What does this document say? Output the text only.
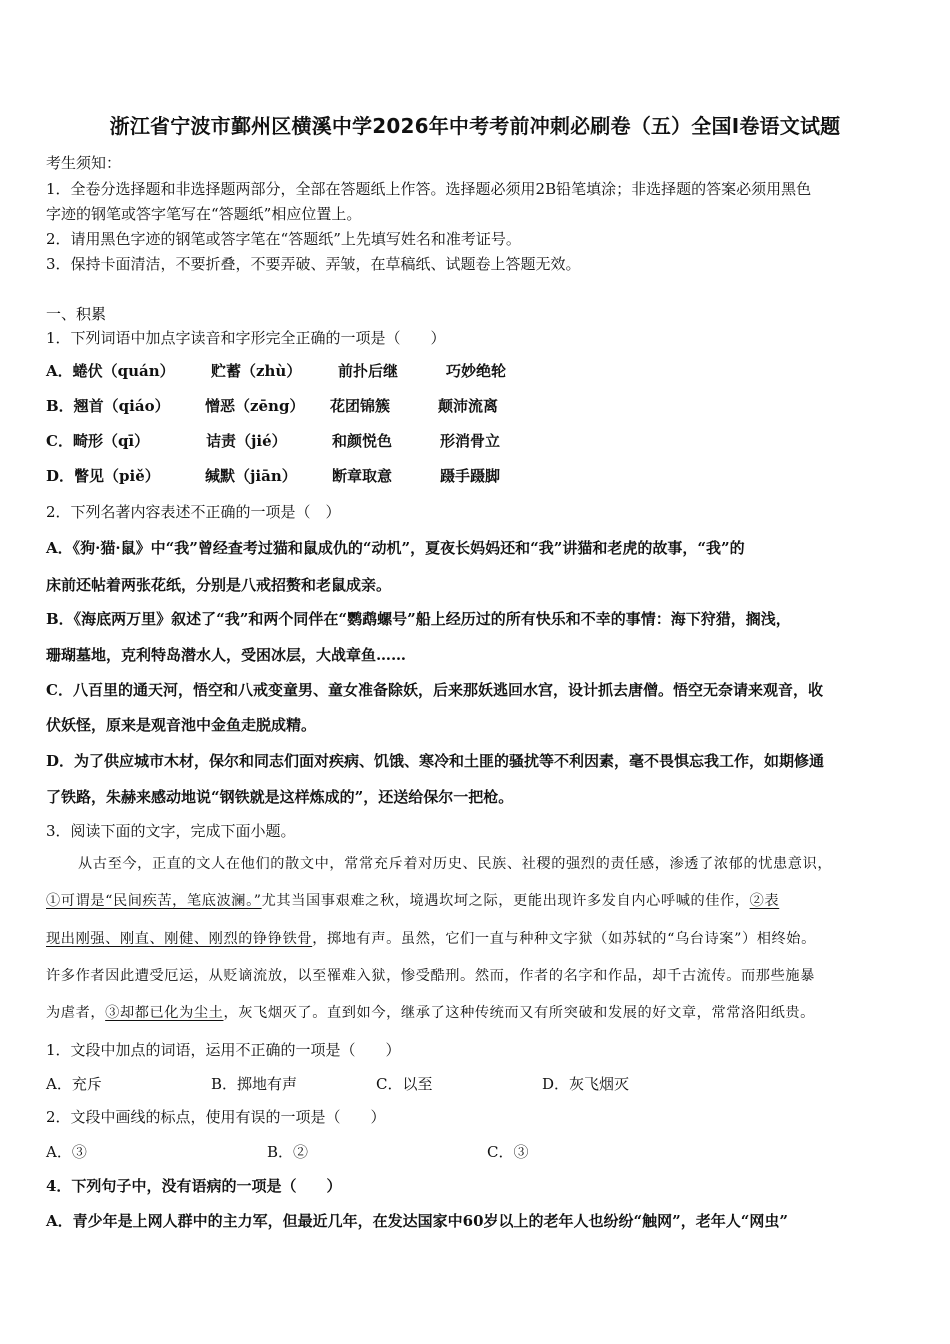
浙江省宁波市鄞州区横溪中学2026年中考考前冲刺必刷卷（五）全国Ⅰ卷语文试题
考生须知：
1．全卷分选择题和非选择题两部分，全部在答题纸上作答。选择题必须用2B铅笔填涂；非选择题的答案必须用黑色
字迹的钢笔或答字笔写在“答题纸”相应位置上。
2．请用黑色字迹的钢笔或答字笔在“答题纸”上先填写姓名和准考证号。
3．保持卡面清洁，不要折叠，不要弄破、弄皱，在草稿纸、试题卷上答题无效。
一、积累
1．下列词语中加点字读音和字形完全正确的一项是（　　）
A．蜷伏（quán） 贮蓄（zhù） 前扑后继	巧妙绝轮
B．翘首（qiáo） 憎恶（zēng） 花团锦簇	颠沛流离
C．畸形（qī）	诘责（jié）	和颜悦色	形消骨立
D．瞥见（piě）	缄默（jiān） 断章取意	蹑手蹑脚
2．下列名著内容表述不正确的一项是（　）
A．《狗·猫·鼠》中“我”曾经查考过猫和鼠成仇的“动机”，夏夜长妈妈还和“我”讲猫和老虎的故事，“我”的
床前还帖着两张花纸，分别是八戒招赘和老鼠成亲。
B．《海底两万里》叙述了“我”和两个同伴在“鹦鹉螺号”船上经历过的所有快乐和不幸的事情：海下狩猎，搁浅，
珊瑚墓地，克利特岛潜水人，受困冰层，大战章鱼……
C．八百里的通天河，悟空和八戒变童男、童女准备除妖，后来那妖逃回水宫，设计抓去唐僧。悟空无奈请来观音，收
伏妖怪，原来是观音池中金鱼走脱成精。
D．为了供应城市木材，保尔和同志们面对疾病、饥饿、寒冷和土匪的骚扰等不利因素，毫不畏惧忘我工作，如期修通
了铁路，朱赫来感动地说“钢铁就是这样炼成的”，还送给保尔一把枪。
3．阅读下面的文字，完成下面小题。
从古至今，正直的文人在他们的散文中，常常充斥着对历史、民族、社稷的强烈的责任感，渗透了浓郁的忧患意识，
①可谓是“民间疾苦，笔底波澜。”尤其当国事艰难之秋，境遇坎坷之际，更能出现许多发自内心呼喊的佳作，②表
现出刚强、刚直、刚健、刚烈的铮铮铁骨，掷地有声。虽然，它们一直与种种文字狱（如苏轼的“乌台诗案”）相终始。
许多作者因此遭受厄运，从贬谪流放，以至罹难入狱，惨受酷刑。然而，作者的名字和作品，却千古流传。而那些施暴
为虐者，③却都已化为尘土，灰飞烟灭了。直到如今，继承了这种传统而又有所突破和发展的好文章，常常洛阳纸贵。
1．文段中加点的词语，运用不正确的一项是（　　）
A．充斥	B．掷地有声	C．以至	D．灰飞烟灭
2．文段中画线的标点，使用有误的一项是（　　）
A．③	B．②	C．③
4．下列句子中，没有语病的一项是（　　）
A．青少年是上网人群中的主力军，但最近几年，在发达国家中60岁以上的老年人也纷纷“触网”，老年人“网虫”
